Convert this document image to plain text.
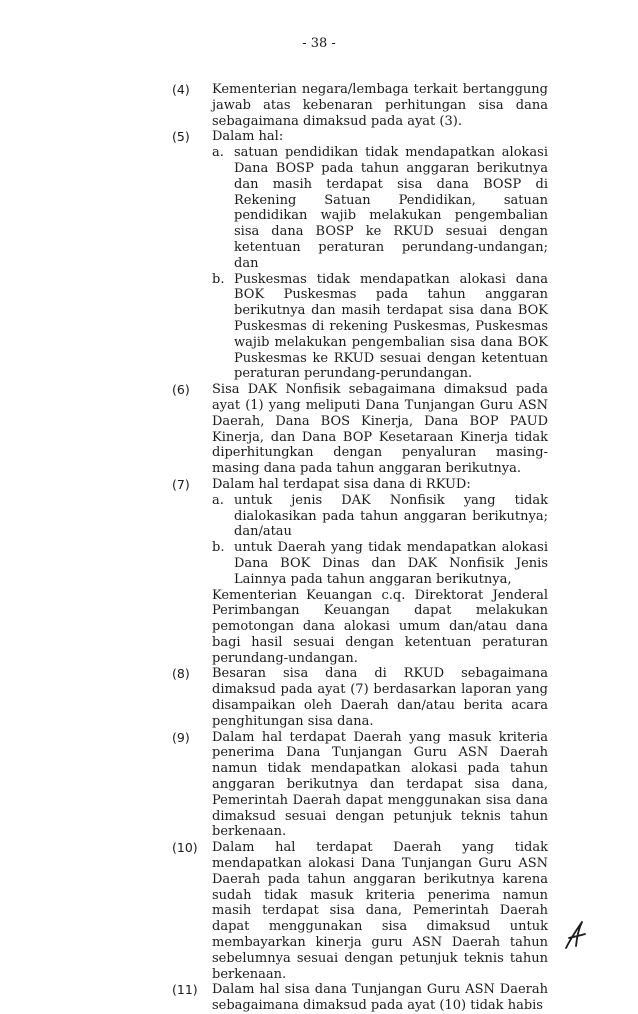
- 38 -
(4)	Kementerian negara/lembaga terkait bertanggung jawab atas kebenaran perhitungan sisa dana sebagaimana dimaksud pada ayat (3).
(5)	Dalam hal:
a. satuan pendidikan tidak mendapatkan alokasi Dana BOSP pada tahun anggaran berikutnya dan masih terdapat sisa dana BOSP di Rekening Satuan Pendidikan, satuan pendidikan wajib melakukan pengembalian sisa dana BOSP ke RKUD sesuai dengan ketentuan peraturan perundang-undangan; dan
b. Puskesmas tidak mendapatkan alokasi dana BOK Puskesmas pada tahun anggaran berikutnya dan masih terdapat sisa dana BOK Puskesmas di rekening Puskesmas, Puskesmas wajib melakukan pengembalian sisa dana BOK Puskesmas ke RKUD sesuai dengan ketentuan peraturan perundang-perundangan.
(6)	Sisa DAK Nonfisik sebagaimana dimaksud pada ayat (1) yang meliputi Dana Tunjangan Guru ASN Daerah, Dana BOS Kinerja, Dana BOP PAUD Kinerja, dan Dana BOP Kesetaraan Kinerja tidak diperhitungkan dengan penyaluran masing-masing dana pada tahun anggaran berikutnya.
(7)	Dalam hal terdapat sisa dana di RKUD:
a. untuk jenis DAK Nonfisik yang tidak dialokasikan pada tahun anggaran berikutnya; dan/atau
b. untuk Daerah yang tidak mendapatkan alokasi Dana BOK Dinas dan DAK Nonfisik Jenis Lainnya pada tahun anggaran berikutnya,
Kementerian Keuangan c.q. Direktorat Jenderal Perimbangan Keuangan dapat melakukan pemotongan dana alokasi umum dan/atau dana bagi hasil sesuai dengan ketentuan peraturan perundang-undangan.
(8)	Besaran sisa dana di RKUD sebagaimana dimaksud pada ayat (7) berdasarkan laporan yang disampaikan oleh Daerah dan/atau berita acara penghitungan sisa dana.
(9)	Dalam hal terdapat Daerah yang masuk kriteria penerima Dana Tunjangan Guru ASN Daerah namun tidak mendapatkan alokasi pada tahun anggaran berikutnya dan terdapat sisa dana, Pemerintah Daerah dapat menggunakan sisa dana dimaksud sesuai dengan petunjuk teknis tahun berkenaan.
(10)	Dalam hal terdapat Daerah yang tidak mendapatkan alokasi Dana Tunjangan Guru ASN Daerah pada tahun anggaran berikutnya karena sudah tidak masuk kriteria penerima namun masih terdapat sisa dana, Pemerintah Daerah dapat menggunakan sisa dimaksud untuk membayarkan kinerja guru ASN Daerah tahun sebelumnya sesuai dengan petunjuk teknis tahun berkenaan.
(11)	Dalam hal sisa dana Tunjangan Guru ASN Daerah sebagaimana dimaksud pada ayat (10) tidak habis
